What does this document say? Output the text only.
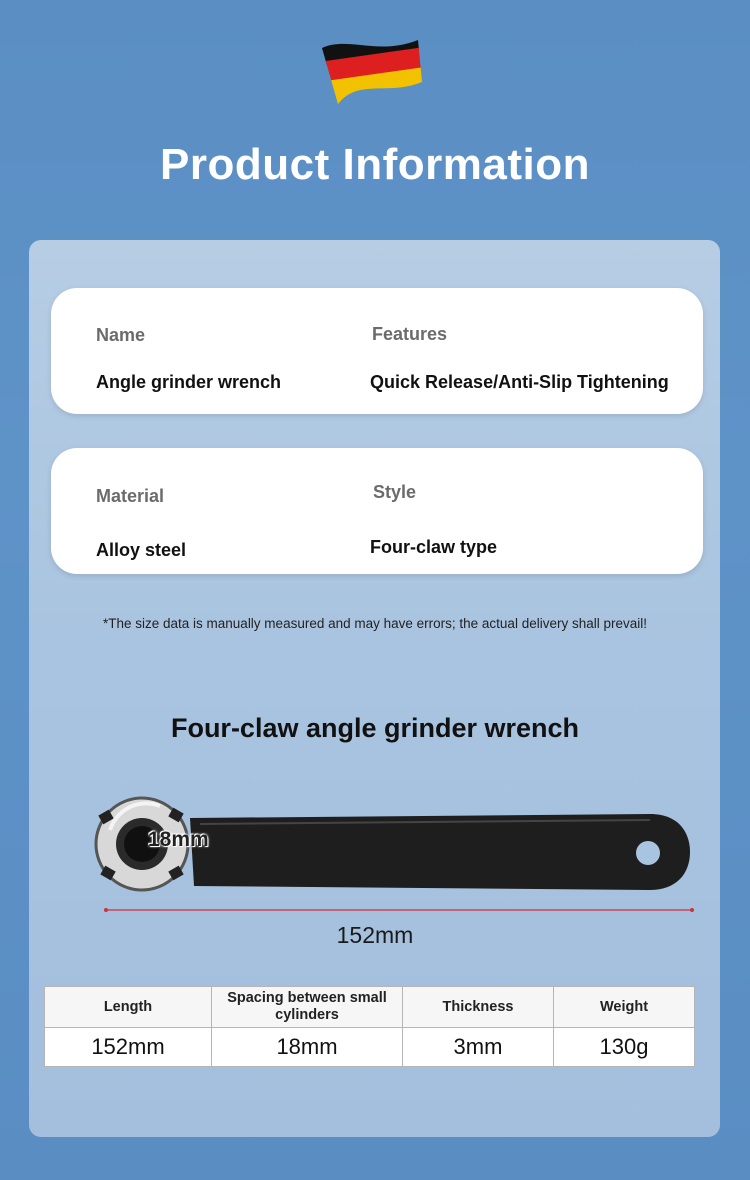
Product Information
Name
Angle grinder wrench
Features
Quick Release/Anti-Slip Tightening
Material
Alloy steel
Style
Four-claw type
*The size data is manually measured and may have errors; the actual delivery shall prevail!
Four-claw angle grinder wrench
18mm
152mm
Length	Spacing between small cylinders	Thickness	Weight
152mm	18mm	3mm	130g
